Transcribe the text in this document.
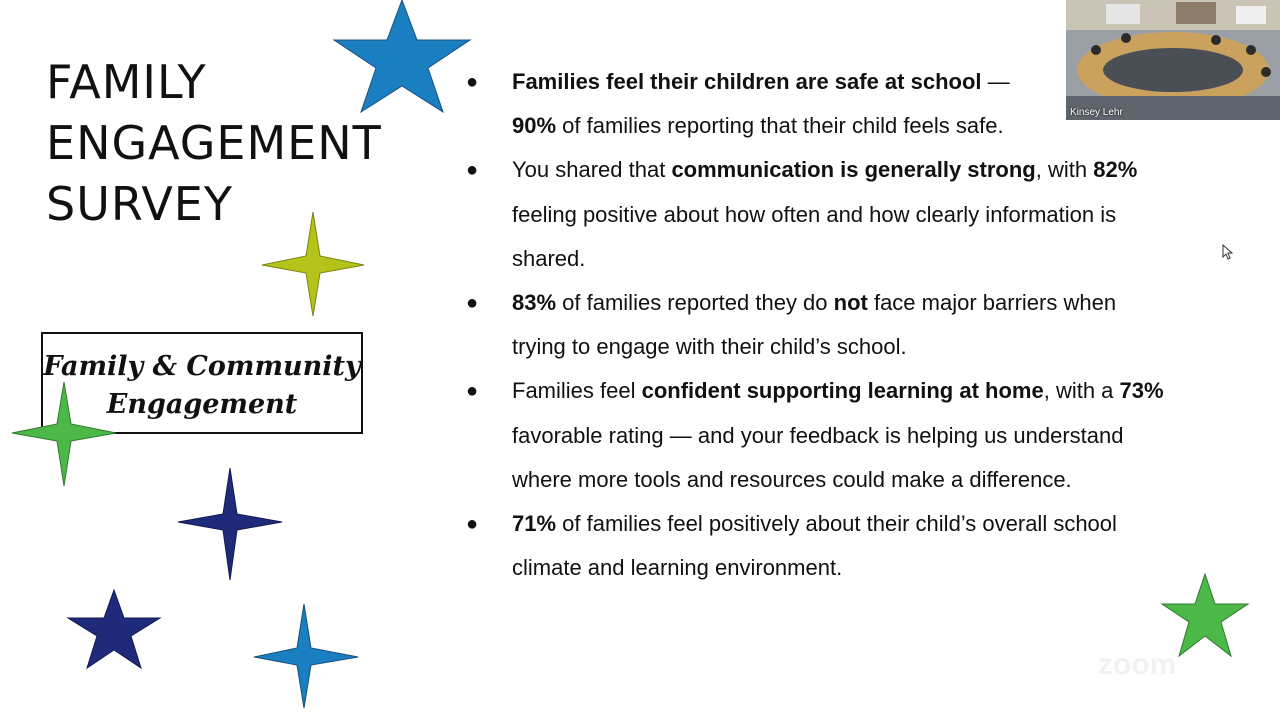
FAMILY
ENGAGEMENT
SURVEY
Family & Community
Engagement
● Families feel their children are safe at school —
90% of families reporting that their child feels safe.
● You shared that communication is generally strong, with 82% feeling positive about how often and how clearly information is shared.
● 83% of families reported they do not face major barriers when trying to engage with their child’s school.
● Families feel confident supporting learning at home, with a 73% favorable rating — and your feedback is helping us understand where more tools and resources could make a difference.
● 71% of families feel positively about their child’s overall school climate and learning environment.
zoom
Kinsey Lehr
